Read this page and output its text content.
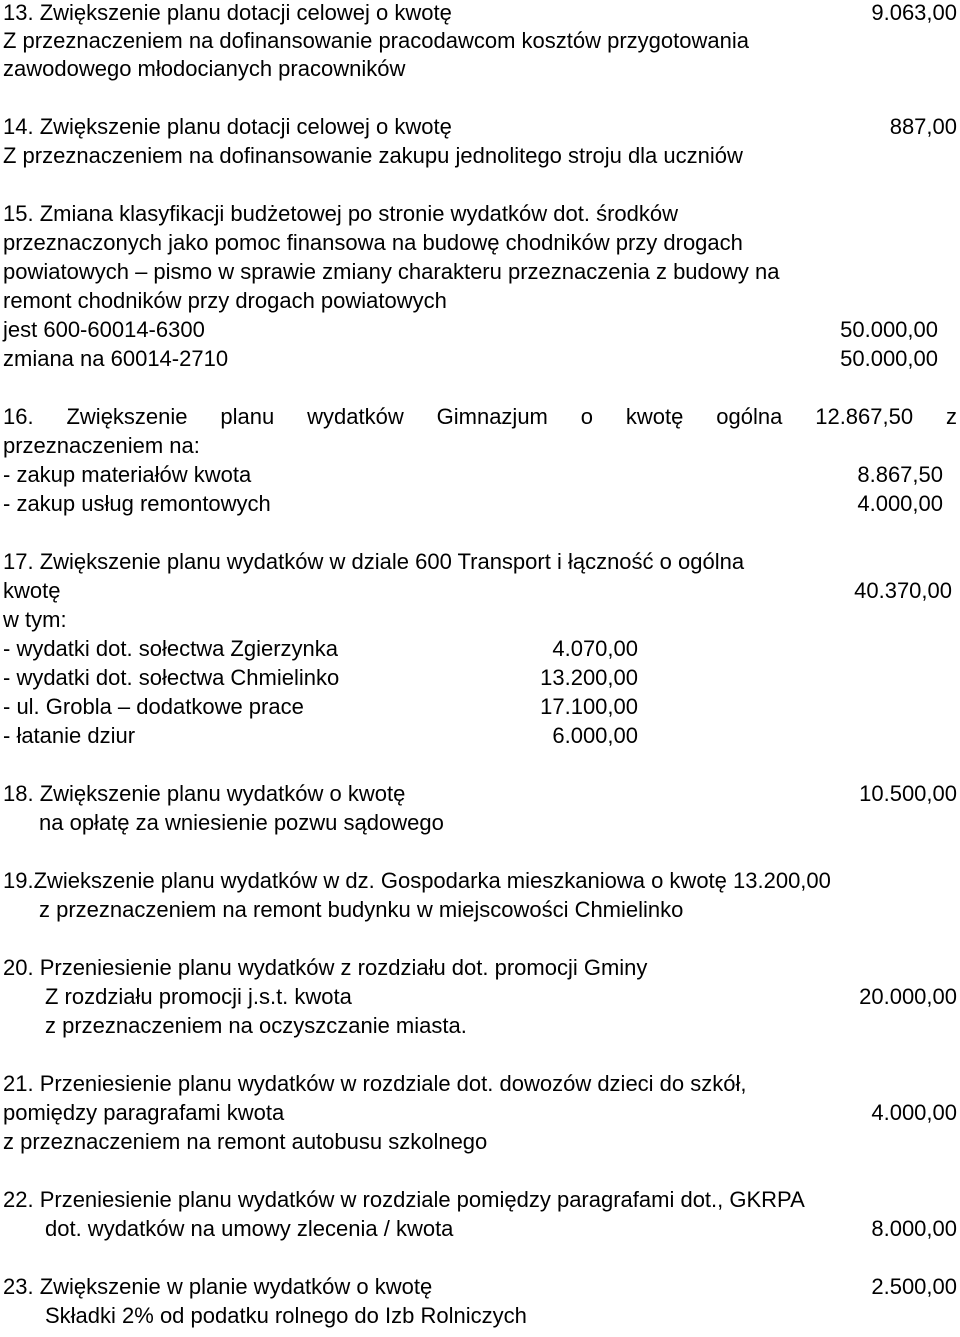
13. Zwiększenie planu dotacji celowej o kwotę	9.063,00
Z przeznaczeniem na dofinansowanie pracodawcom kosztów przygotowania
zawodowego młodocianych pracowników
14. Zwiększenie planu dotacji celowej o kwotę	887,00
Z przeznaczeniem na dofinansowanie zakupu jednolitego stroju dla uczniów
15. Zmiana klasyfikacji budżetowej po stronie wydatków dot. środków
przeznaczonych jako pomoc finansowa na budowę chodników przy drogach
powiatowych – pismo w sprawie zmiany charakteru przeznaczenia z budowy na
remont chodników przy drogach powiatowych
jest 600-60014-6300	50.000,00
zmiana na 60014-2710	50.000,00
16. Zwiększenie planu wydatków Gimnazjum o kwotę ogólna 12.867,50 z
przeznaczeniem na:
- zakup materiałów kwota	8.867,50
- zakup usług remontowych	4.000,00
17. Zwiększenie planu wydatków w dziale 600 Transport i łączność o ogólna
kwotę	40.370,00
w tym:
- wydatki dot. sołectwa Zgierzynka	4.070,00
- wydatki dot. sołectwa Chmielinko	13.200,00
- ul. Grobla – dodatkowe prace	17.100,00
- łatanie dziur	6.000,00
18. Zwiększenie planu wydatków o kwotę	10.500,00
na opłatę za wniesienie pozwu sądowego
19.Zwiekszenie planu wydatków w dz. Gospodarka mieszkaniowa o kwotę 13.200,00
z przeznaczeniem na remont budynku w miejscowości Chmielinko
20. Przeniesienie planu wydatków z rozdziału dot. promocji Gminy
Z rozdziału promocji j.s.t. kwota	20.000,00
z przeznaczeniem na oczyszczanie miasta.
21. Przeniesienie planu wydatków w rozdziale dot. dowozów dzieci do szkół,
pomiędzy paragrafami kwota	4.000,00
z przeznaczeniem na remont autobusu szkolnego
22. Przeniesienie planu wydatków w rozdziale pomiędzy paragrafami dot., GKRPA
dot. wydatków na umowy zlecenia / kwota	8.000,00
23. Zwiększenie w planie wydatków o kwotę	2.500,00
Składki 2% od podatku rolnego do Izb Rolniczych
